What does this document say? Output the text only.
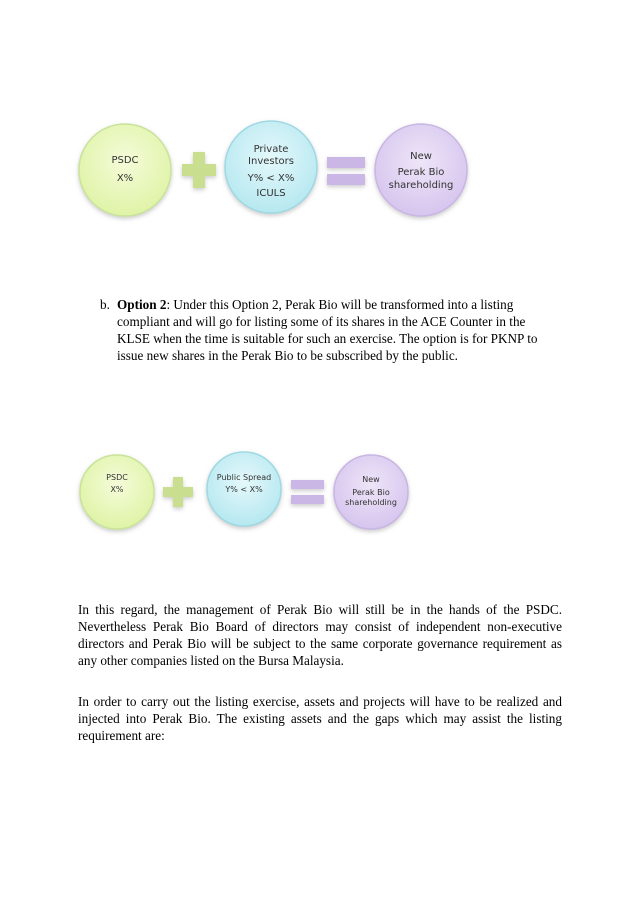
PSDC
X%
Private
Investors
Y% < X%
ICULS
New
Perak Bio
shareholding
PSDC
X%
Public Spread
Y% < X%
New
Perak Bio
shareholding
b. Option 2: Under this Option 2, Perak Bio will be transformed into a listing compliant and will go for listing some of its shares in the ACE Counter in the KLSE when the time is suitable for such an exercise. The option is for PKNP to issue new shares in the Perak Bio to be subscribed by the public.
In this regard, the management of Perak Bio will still be in the hands of the PSDC. Nevertheless Perak Bio Board of directors may consist of independent non-executive directors and Perak Bio will be subject to the same corporate governance requirement as any other companies listed on the Bursa Malaysia.
In order to carry out the listing exercise, assets and projects will have to be realized and injected into Perak Bio. The existing assets and the gaps which may assist the listing requirement are:
